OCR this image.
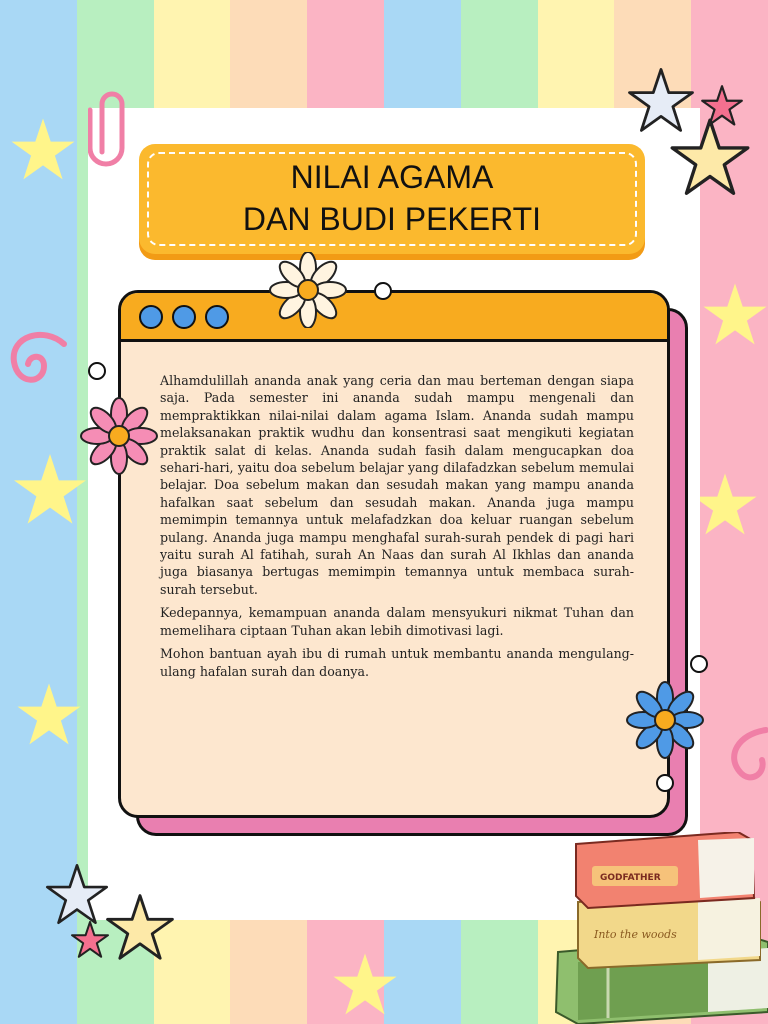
NILAI AGAMA
DAN BUDI PEKERTI

Alhamdulillah ananda anak yang ceria dan mau berteman dengan siapa saja. Pada semester ini ananda sudah mampu mengenali dan mempraktikkan nilai-nilai dalam agama Islam. Ananda sudah mampu melaksanakan praktik wudhu dan konsentrasi saat mengikuti kegiatan praktik salat di kelas. Ananda sudah fasih dalam mengucapkan doa sehari-hari, yaitu doa sebelum belajar yang dilafadzkan sebelum memulai belajar. Doa sebelum makan dan sesudah makan yang mampu ananda hafalkan saat sebelum dan sesudah makan. Ananda juga mampu memimpin temannya untuk melafadzkan doa keluar ruangan sebelum pulang. Ananda juga mampu menghafal surah-surah pendek di pagi hari yaitu surah Al fatihah, surah An Naas dan surah Al Ikhlas dan ananda juga biasanya bertugas memimpin temannya untuk membaca surah-surah tersebut.

Kedepannya, kemampuan ananda dalam mensyukuri nikmat Tuhan dan memelihara ciptaan Tuhan akan lebih dimotivasi lagi.

Mohon bantuan ayah ibu di rumah untuk membantu ananda mengulang-ulang hafalan surah dan doanya.

Into the woods
GODFATHER
